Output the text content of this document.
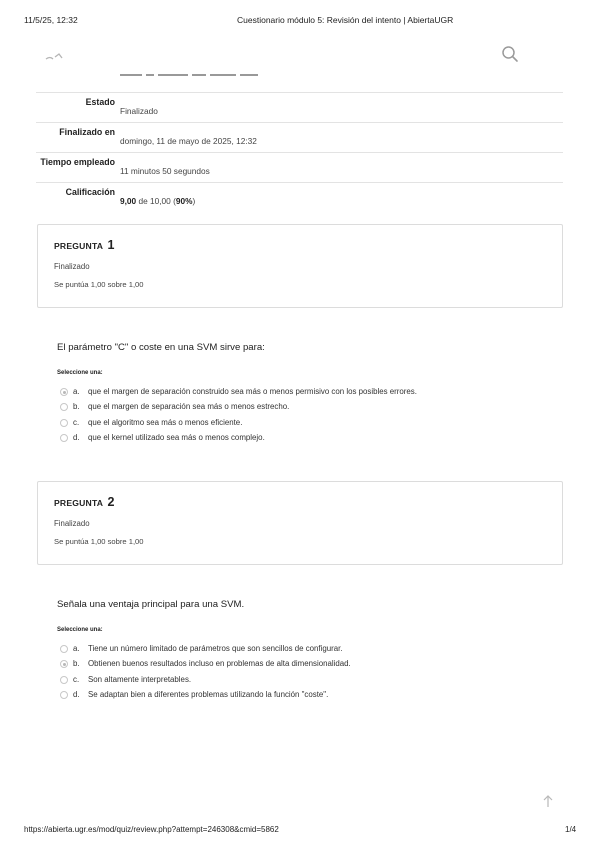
11/5/25, 12:32	Cuestionario módulo 5: Revisión del intento | AbiertaUGR
Estado
Finalizado
Finalizado en
domingo, 11 de mayo de 2025, 12:32
Tiempo empleado
11 minutos 50 segundos
Calificación
9,00 de 10,00 (90%)
PREGUNTA 1
Finalizado
Se puntúa 1,00 sobre 1,00
El parámetro "C" o coste en una SVM sirve para:
Seleccione una:
a. que el margen de separación construido sea más o menos permisivo con los posibles errores.
b. que el margen de separación sea más o menos estrecho.
c. que el algoritmo sea más o menos eficiente.
d. que el kernel utilizado sea más o menos complejo.
PREGUNTA 2
Finalizado
Se puntúa 1,00 sobre 1,00
Señala una ventaja principal para una SVM.
Seleccione una:
a. Tiene un número limitado de parámetros que son sencillos de configurar.
b. Obtienen buenos resultados incluso en problemas de alta dimensionalidad.
c. Son altamente interpretables.
d. Se adaptan bien a diferentes problemas utilizando la función "coste".
https://abierta.ugr.es/mod/quiz/review.php?attempt=246308&cmid=5862	1/4
